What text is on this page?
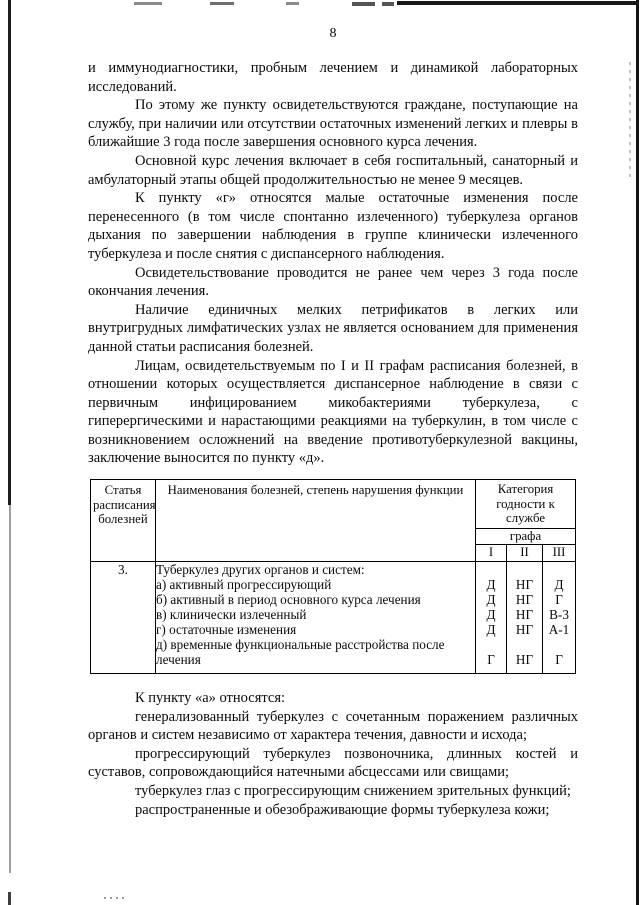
8

и иммунодиагностики, пробным лечением и динамикой лабораторных исследований.

По этому же пункту освидетельствуются граждане, поступающие на службу, при наличии или отсутствии остаточных изменений легких и плевры в ближайшие 3 года после завершения основного курса лечения.

Основной курс лечения включает в себя госпитальный, санаторный и амбулаторный этапы общей продолжительностью не менее 9 месяцев.

К пункту «г» относятся малые остаточные изменения после перенесенного (в том числе спонтанно излеченного) туберкулеза органов дыхания по завершении наблюдения в группе клинически излеченного туберкулеза и после снятия с диспансерного наблюдения.

Освидетельствование проводится не ранее чем через 3 года после окончания лечения.

Наличие единичных мелких петрификатов в легких или внутригрудных лимфатических узлах не является основанием для применения данной статьи расписания болезней.

Лицам, освидетельствуемым по I и II графам расписания болезней, в отношении которых осуществляется диспансерное наблюдение в связи с первичным инфицированием микобактериями туберкулеза, с гиперергическими и нарастающими реакциями на туберкулин, в том числе с возникновением осложнений на введение противотуберкулезной вакцины, заключение выносится по пункту «д».

Статья расписания болезней	Наименования болезней, степень нарушения функции	Категория годности к службе		
		графа		
		I	II	III
3.	Туберкулез других органов и систем:			
	а) активный прогрессирующий	Д	НГ	Д
	б) активный в период основного курса лечения	Д	НГ	Г
	в) клинически излеченный	Д	НГ	В-3
	г) остаточные изменения	Д	НГ	А-1
	д) временные функциональные расстройства после лечения	Г	НГ	Г

К пункту «а» относятся:

генерализованный туберкулез с сочетанным поражением различных органов и систем независимо от характера течения, давности и исхода;

прогрессирующий туберкулез позвоночника, длинных костей и суставов, сопровождающийся натечными абсцессами или свищами;

туберкулез глаз с прогрессирующим снижением зрительных функций;

распространенные и обезображивающие формы туберкулеза кожи;
